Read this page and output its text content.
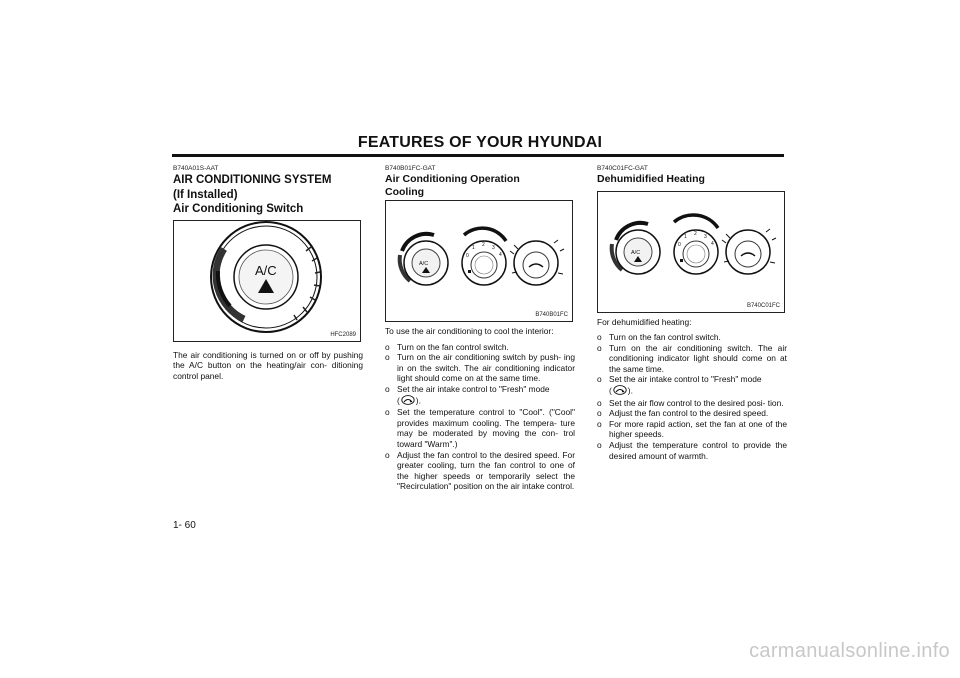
FEATURES OF YOUR HYUNDAI
B740A01S-AAT
AIR CONDITIONING SYSTEM
(If Installed)
Air Conditioning Switch
A/C
HFC2089

The air conditioning is turned on or off by pushing the A/C button on the heating/air con- ditioning control panel.

B740B01FC-GAT
Air Conditioning Operation
Cooling
A/C
0
1 2 3
4
B740B01FC

To use the air conditioning to cool the interior:

o Turn on the fan control switch.
o Turn on the air conditioning switch by push- ing in on the switch. The air conditioning indicator light should come on at the same time.
o Set the air intake control to "Fresh" mode
( ).
o Set the temperature control to "Cool". ("Cool" provides maximum cooling. The tempera- ture may be moderated by moving the con- trol toward "Warm".)
o Adjust the fan control to the desired speed. For greater cooling, turn the fan control to one of the higher speeds or temporarily select the "Recirculation" position on the air intake control.
B740C01FC-GAT
Dehumidified Heating
A/C
0
1 2 3
4
B740C01FC

For dehumidified heating:

o Turn on the fan control switch.
o Turn on the air conditioning switch. The air conditioning indicator light should come on at the same time.
o Set the air intake control to "Fresh" mode
( ).
o Set the air flow control to the desired posi- tion.
o Adjust the fan control to the desired speed.
o For more rapid action, set the fan at one of the higher speeds.
o Adjust the temperature control to provide the desired amount of warmth.
1- 60
carmanualsonline.info
